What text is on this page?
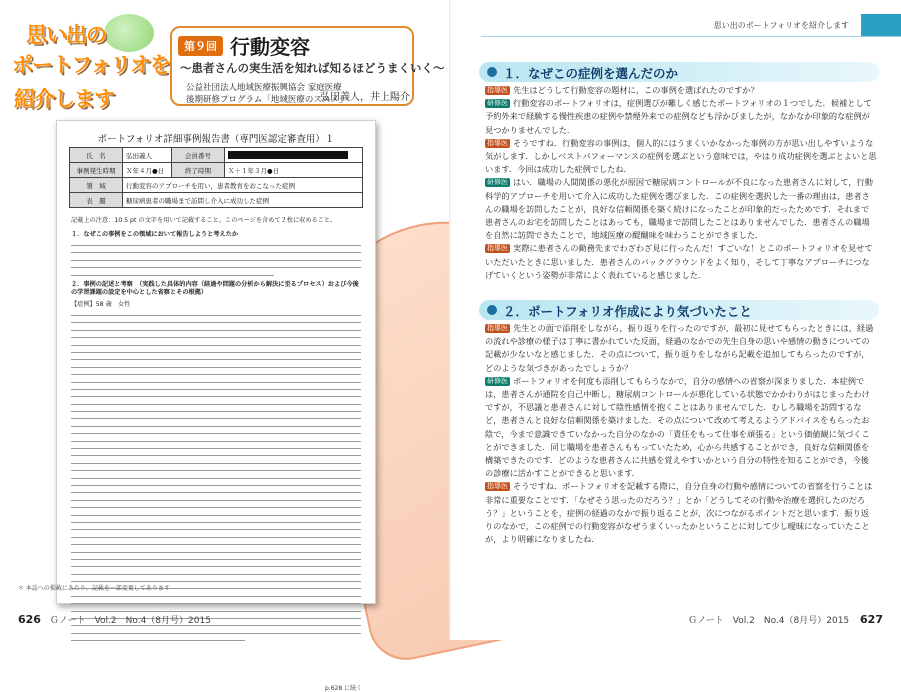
思い出の
ポートフォリオを
紹介します
第９回 行動変容
～患者さんの実生活を知れば知るほどうまくいく～
公益社団法人地域医療振興協会 家庭医療
後期研修プログラム「地域医療のススメ」
弘田義人，井上陽介
ポートフォリオ詳細事例報告書（専門医認定審査用）１
氏　名	弘田義人	会員番号	
事例発生時期	Ｘ年４月●日	終了時期	Ｘ＋１年３月●日
領　域	行動変容のアプローチを用い，患者教育をおこなった症例		
表　題	糖尿病患者の職場まで訪問し介入に成功した症例		
記載上の注意：10.5 pt の文字を用いて記載すること。このページを含めて２枚に収めること。
１．なぜこの事例をこの領域において報告しようと考えたか
２．事例の記述と考察　（実践した具体的内容（経過や問題の分析から解決に至るプロセス）および今後の学習課題の設定を中心とした省察とその根拠）
【症例】58 歳　女性
p.628 に続く
＊ 本誌への掲載にあたり，記載を一部変更してあります
626 Ｇノート　Vol.2　No.4（8月号）2015
思い出のポートフォリオを紹介します
１．なぜこの症例を選んだのか
指導医 先生はどうして行動変容の題材に，この事例を選ばれたのですか？
研修医 行動変容のポートフォリオは，症例選びが難しく感じたポートフォリオの１つでした．候補として予約外来で経験する慢性疾患の症例や禁煙外来での症例なども浮かびましたが，なかなか印象的な症例が見つかりませんでした．
指導医 そうですね．行動変容の事例は，個人的にはうまくいかなかった事例の方が思い出しやすいような気がします．しかしベストパフォーマンスの症例を選ぶという意味では，やはり成功症例を選ぶとよいと思います．今回は成功した症例でしたね．
研修医 はい．職場の人間関係の悪化が原因で糖尿病コントロールが不良になった患者さんに対して，行動科学的アプローチを用いて介入に成功した症例を選びました．この症例を選択した一番の理由は，患者さんの職場を訪問したことが，良好な信頼関係を築く続けになったことが印象的だったためです．それまで患者さんのお宅を訪問したことはあっても，職場まで訪問したことはありませんでした．患者さんの職場を自然に訪問できたことで，地域医療の醍醐味を味わうことができました．
指導医 実際に患者さんの勤務先までわざわざ見に行ったんだ！すごいな！とこのポートフォリオを見せていただいたときに思いました．患者さんのバックグラウンドをよく知り，そして丁寧なアプローチにつなげていくという姿勢が非常によく表れていると感じました．
２．ポートフォリオ作成により気づいたこと
指導医 先生との面で添削をしながら，振り返りを行ったのですが，最初に見せてもらったときには，経過の流れや診療の様子は丁寧に書かれていた反面，経過のなかでの先生自身の思いや感情の動きについての記載が少ないなと感じました．その点について，振り返りをしながら記載を追加してもらったのですが，どのような気づきがあったでしょうか？
研修医 ポートフォリオを何度も添削してもらうなかで，自分の感情への省察が深まりました．本症例では，患者さんが通院を自己中断し，糖尿病コントロールが悪化している状態でかかわりがはじまったわけですが，不思議と患者さんに対して陰性感情を抱くことはありませんでした．むしろ職場を訪問するなど，患者さんと良好な信頼関係を築けました．その点について改めて考えるようアドバイスをもらったお陰で，今まで意識できていなかった自分のなかの「責任をもって仕事を頑張る」という価値観に気づくことができました．同じ職場を患者さんももっていたため，心から共感することができ，良好な信頼関係を構築できたのです．どのような患者さんに共感を覚えやすいかという自分の特性を知ることができ，今後の診療に活かすことができると思います．
指導医 そうですね．ポートフォリオを記載する際に，自分自身の行動や感情についての省察を行うことは非常に重要なことです．「なぜそう思ったのだろう？」とか「どうしてその行動や治療を選択したのだろう？」ということを，症例の経過のなかで振り返ることが，次につながるポイントだと思います．振り返りのなかで，この症例での行動変容がなぜうまくいったかということに対して少し曖昧になっていたことが，より明確になりましたね．
Ｇノート　Vol.2　No.4（8月号）2015 627
